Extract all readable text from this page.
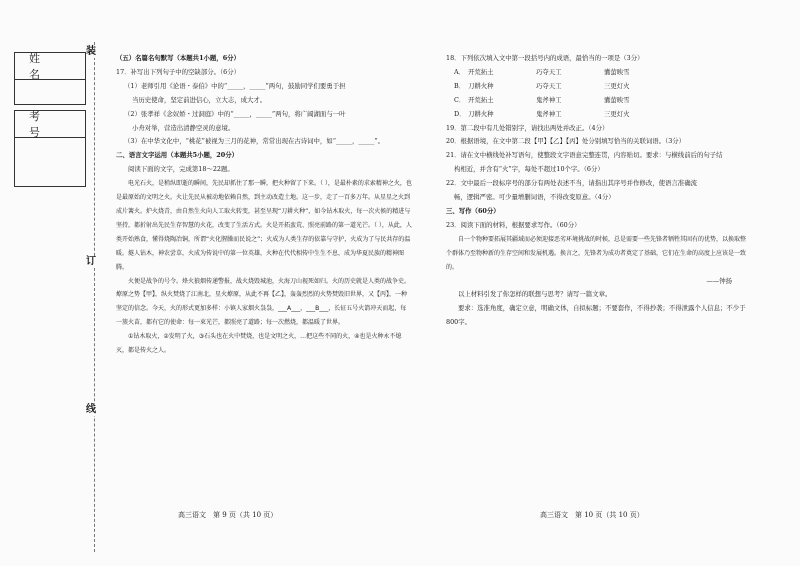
姓名
考号
装
订
线
（五）名篇名句默写（本题共1小题，6分）
17．补写出下列句子中的空缺部分。（6分）
（1）老师引用《论语・泰伯》中的“_____，_____”两句，鼓励同学们要勇于担
当历史使命，坚定前进信心，立大志，成大才。
（2）张孝祥《念奴娇・过洞庭》中的“_____，_____”两句，将广阔湖面与一叶
小舟对举，营造出清静空灵的意境。
（3）在中华文化中，“桃花”被视为三月的花神，常常出现在古诗词中，如“_____，_____”。
二、语言文字运用（本题共5小题，20分）
阅读下面的文字，完成第18～22题。
电光石火，是稍纵即逝的瞬间，先民却抓住了那一瞬，把火种留了下来。（ ），是最朴素的求索精神之火，也是最原始的文明之火。火让先民从被动地依赖自然，到主动改造土地。这一步，走了一百多万年。从星星之火到成片篝火。炉火烧青，由自然生火向人工取火转变，甚至呈现“刀耕火种”，如今钻木取火，每一次火候的精进与坚持，都折射出先民生存智慧的火花，改变了生活方式。火是开拓蛮荒、照亮前路的第一道光芒。（ ），从此，人类开始熟食，懂得烧陶冶铜，所谓“火化腥臊而民说之”；火成为人类生存的依靠与守护，火成为了与民共存的温暖。燧人钻木，神农尝草，火成为传说中的第一位英雄，火种在代代相传中生生不息，成为华夏民族的精神图腾。
火便是战争的号令。烽火狼烟传递警报，战火烧毁城池，火海刀山视死如归。火的历史就是人类的战争史。燎原之势【甲】，纵火焚烧了江南北，星火燎原，从此不再【乙】，轰轰烈烈的火势焚毁旧世界，又【丙】，一种坚定的信念。今天，火的形式更加多样：小镇人家烟火袅袅，___A___，___B___，长征五号火箭冲天而起，每一簇火苗，都有它的使命：每一束光芒，都照亮了道路；每一次燃烧，都温暖了世界。
①钻木取火，②发明了火，③石头也在火中焚烧，也是文明之火，…把这些不同的火，④也是火种永不熄灭，都是传火之人。
18．下列依次填入文中第一段括号内的成语，最恰当的一项是（3分）
A． 开荒拓土	巧夺天工	囊萤映雪
B． 刀耕火种	巧夺天工	三更灯火
C． 开荒拓土	鬼斧神工	囊萤映雪
D． 刀耕火种	鬼斧神工	三更灯火
19．第二段中有几处错别字，请找出两处并改正。（4分）
20．根据语境，在文中第二段【甲】【乙】【丙】处分别填写恰当的关联词语。（3分）
21．请在文中横线处补写语句，使整段文字语意完整连贯，内容贴切。要求：与横线前后的句子结
构相近，并含有“火”字，每处不超过10个字。（6分）
22．文中最后一段标序号的部分有两处表述不当，请指出其序号并作修改，使语言准确流
畅，逻辑严密。可少量增删词语，不得改变原意。（4分）
三、写作（60分）
23．阅读下面的材料，根据要求写作。（60分）
自一个物种要拓展其疆域而必须迎接恶劣环境挑战的时候，总是需要一些先锋者牺牲其固有的优势，以换取整个群体乃至物种新的生存空间和发展机遇。换言之，先锋者为成功者奠定了基础，它们在生命的高度上应该是一致的。
——钟扬
以上材料引发了你怎样的联想与思考？请写一篇文章。
要求：选准角度，确定立意，明确文体，自拟标题；不要套作，不得抄袭；不得泄露个人信息；不少于800字。
高三语文　第 9 页（共 10 页）	高三语文　第 10 页（共 10 页）
